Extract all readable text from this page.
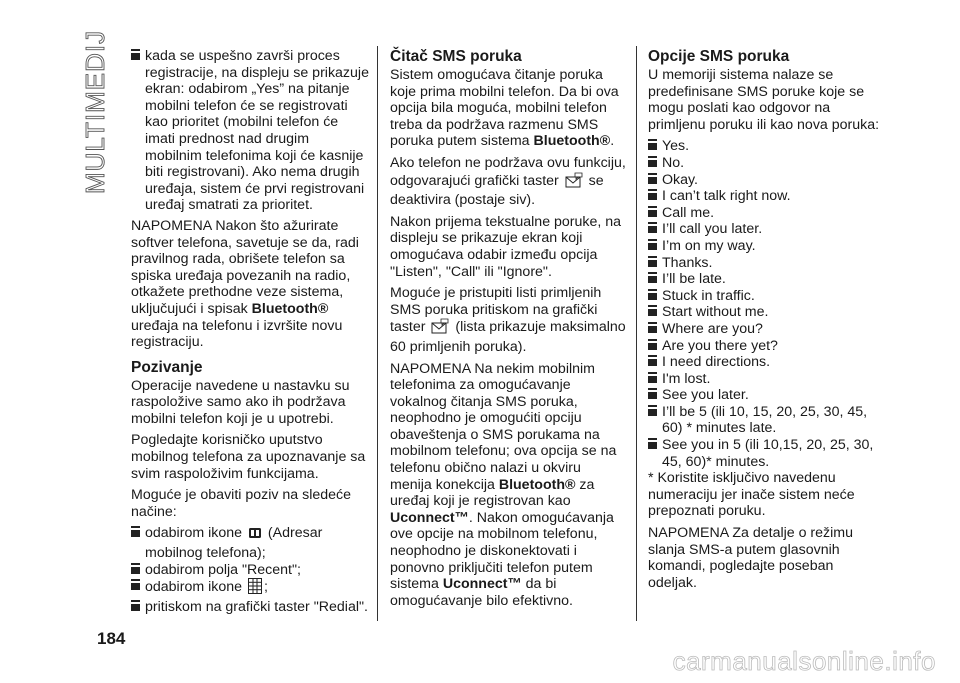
MULTIMEDIJ	kada se uspešno završi proces registracije, na displeju se prikazuje ekran: odabirom „Yes” na pitanje mobilni telefon će se registrovati kao prioritet (mobilni telefon će imati prednost nad drugim mobilnim telefonima koji će kasnije biti registrovani). Ako nema drugih uređaja, sistem će prvi registrovani uređaj smatrati za prioritet.

NAPOMENA Nakon što ažurirate softver telefona, savetuje se da, radi pravilnog rada, obrišete telefon sa spiska uređaja povezanih na radio, otkažete prethodne veze sistema, uključujući i spisak Bluetooth® uređaja na telefonu i izvršite novu registraciju.

Pozivanje

Operacije navedene u nastavku su raspoložive samo ako ih podržava mobilni telefon koji je u upotrebi.

Pogledajte korisničko uputstvo mobilnog telefona za upoznavanje sa svim raspoloživim funkcijama.

Moguće je obaviti poziv na sledeće načine:

odabirom ikone (Adresar mobilnog telefona);

odabirom polja "Recent";

odabirom ikone ;

pritiskom na grafički taster "Redial".

Čitač SMS poruka

Sistem omogućava čitanje poruka koje prima mobilni telefon. Da bi ova opcija bila moguća, mobilni telefon treba da podržava razmenu SMS poruka putem sistema Bluetooth®.

Ako telefon ne podržava ovu funkciju, odgovarajući grafički taster se deaktivira (postaje siv).

Nakon prijema tekstualne poruke, na displeju se prikazuje ekran koji omogućava odabir između opcija "Listen", "Call" ili "Ignore".

Moguće je pristupiti listi primljenih SMS poruka pritiskom na grafički taster (lista prikazuje maksimalno 60 primljenih poruka).

NAPOMENA Na nekim mobilnim telefonima za omogućavanje vokalnog čitanja SMS poruka, neophodno je omogućiti opciju obaveštenja o SMS porukama na mobilnom telefonu; ova opcija se na telefonu obično nalazi u okviru menija konekcija Bluetooth® za uređaj koji je registrovan kao Uconnect™. Nakon omogućavanja ove opcije na mobilnom telefonu, neophodno je diskonektovati i ponovno priključiti telefon putem sistema Uconnect™ da bi omogućavanje bilo efektivno.

Opcije SMS poruka

U memoriji sistema nalaze se predefinisane SMS poruke koje se mogu poslati kao odgovor na primljenu poruku ili kao nova poruka:

Yes.

No.

Okay.

I can’t talk right now.

Call me.

I’ll call you later.

I’m on my way.

Thanks.

I’ll be late.

Stuck in traffic.

Start without me.

Where are you?

Are you there yet?

I need directions.

I'm lost.

See you later.

I’ll be 5 (ili 10, 15, 20, 25, 30, 45, 60) * minutes late.

See you in 5 (ili 10,15, 20, 25, 30, 45, 60)* minutes.

* Koristite isključivo navedenu numeraciju jer inače sistem neće prepoznati poruku.

NAPOMENA Za detalje o režimu slanja SMS-a putem glasovnih komandi, pogledajte poseban odeljak.

184
carmanualsonline.info
